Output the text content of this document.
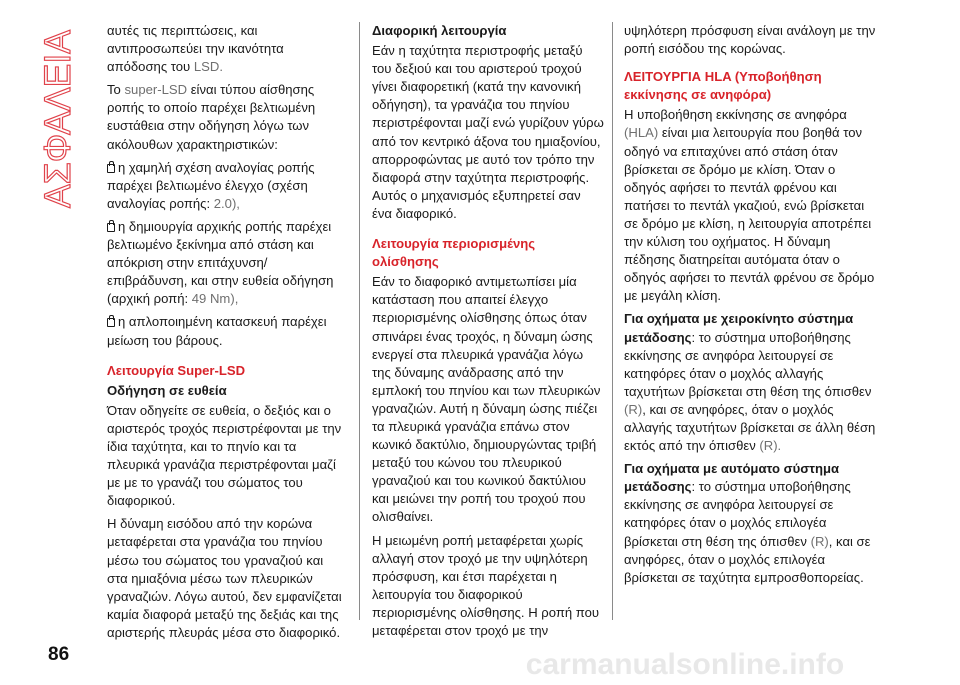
ΑΣΦΑΛΕΙΑ αυτές τις περιπτώσεις, και αντιπροσωπεύει την ικανότητα απόδοσης του LSD.

Το super-LSD είναι τύπου αίσθησης ροπής το οποίο παρέχει βελτιωμένη ευστάθεια στην οδήγηση λόγω των ακόλουθων χαρακτηριστικών:

η χαμηλή σχέση αναλογίας ροπής παρέχει βελτιωμένο έλεγχο (σχέση αναλογίας ροπής: 2.0),

η δημιουργία αρχικής ροπής παρέχει βελτιωμένο ξεκίνημα από στάση και απόκριση στην επιτάχυνση/ επιβράδυνση, και στην ευθεία οδήγηση (αρχική ροπή: 49 Nm),

η απλοποιημένη κατασκευή παρέχει μείωση του βάρους.

Λειτουργία Super-LSD
Οδήγηση σε ευθεία

Όταν οδηγείτε σε ευθεία, ο δεξιός και ο αριστερός τροχός περιστρέφονται με την ίδια ταχύτητα, και το πηνίο και τα πλευρικά γρανάζια περιστρέφονται μαζί με με το γρανάζι του σώματος του διαφορικού.

Η δύναμη εισόδου από την κορώνα μεταφέρεται στα γρανάζια του πηνίου μέσω του σώματος του γραναζιού και στα ημιαξόνια μέσω των πλευρικών γραναζιών. Λόγω αυτού, δεν εμφανίζεται καμία διαφορά μεταξύ της δεξιάς και της αριστερής πλευράς μέσα στο διαφορικό.

Διαφορική λειτουργία

Εάν η ταχύτητα περιστροφής μεταξύ του δεξιού και του αριστερού τροχού γίνει διαφορετική (κατά την κανονική οδήγηση), τα γρανάζια του πηνίου περιστρέφονται μαζί ενώ γυρίζουν γύρω από τον κεντρικό άξονα του ημιαξονίου, απορροφώντας με αυτό τον τρόπο την διαφορά στην ταχύτητα περιστροφής. Αυτός ο μηχανισμός εξυπηρετεί σαν ένα διαφορικό.

Λειτουργία περιορισμένης ολίσθησης

Εάν το διαφορικό αντιμετωπίσει μία κατάσταση που απαιτεί έλεγχο περιορισμένης ολίσθησης όπως όταν σπινάρει ένας τροχός, η δύναμη ώσης ενεργεί στα πλευρικά γρανάζια λόγω της δύναμης ανάδρασης από την εμπλοκή του πηνίου και των πλευρικών γραναζιών. Αυτή η δύναμη ώσης πιέζει τα πλευρικά γρανάζια επάνω στον κωνικό δακτύλιο, δημιουργώντας τριβή μεταξύ του κώνου του πλευρικού γραναζιού και του κωνικού δακτύλιου και μειώνει την ροπή του τροχού που ολισθαίνει.

Η μειωμένη ροπή μεταφέρεται χωρίς αλλαγή στον τροχό με την υψηλότερη πρόσφυση, και έτσι παρέχεται η λειτουργία του διαφορικού περιορισμένης ολίσθησης. Η ροπή που μεταφέρεται στον τροχό με την

υψηλότερη πρόσφυση είναι ανάλογη με την ροπή εισόδου της κορώνας.

ΛΕΙΤΟΥΡΓΙΑ HLA (Υποβοήθηση εκκίνησης σε ανηφόρα)

Η υποβοήθηση εκκίνησης σε ανηφόρα (HLA) είναι μια λειτουργία που βοηθά τον οδηγό να επιταχύνει από στάση όταν βρίσκεται σε δρόμο με κλίση. Όταν ο οδηγός αφήσει το πεντάλ φρένου και πατήσει το πεντάλ γκαζιού, ενώ βρίσκεται σε δρόμο με κλίση, η λειτουργία αποτρέπει την κύλιση του οχήματος. Η δύναμη πέδησης διατηρείται αυτόματα όταν ο οδηγός αφήσει το πεντάλ φρένου σε δρόμο με μεγάλη κλίση.

Για οχήματα με χειροκίνητο σύστημα μετάδοσης: το σύστημα υποβοήθησης εκκίνησης σε ανηφόρα λειτουργεί σε κατηφόρες όταν ο μοχλός αλλαγής ταχυτήτων βρίσκεται στη θέση της όπισθεν (R), και σε ανηφόρες, όταν ο μοχλός αλλαγής ταχυτήτων βρίσκεται σε άλλη θέση εκτός από την όπισθεν (R).

Για οχήματα με αυτόματο σύστημα μετάδοσης: το σύστημα υποβοήθησης εκκίνησης σε ανηφόρα λειτουργεί σε κατηφόρες όταν ο μοχλός επιλογέα βρίσκεται στη θέση της όπισθεν (R), και σε ανηφόρες, όταν ο μοχλός επιλογέα βρίσκεται σε ταχύτητα εμπροσθοπορείας.

86	carmanualsonline.info
